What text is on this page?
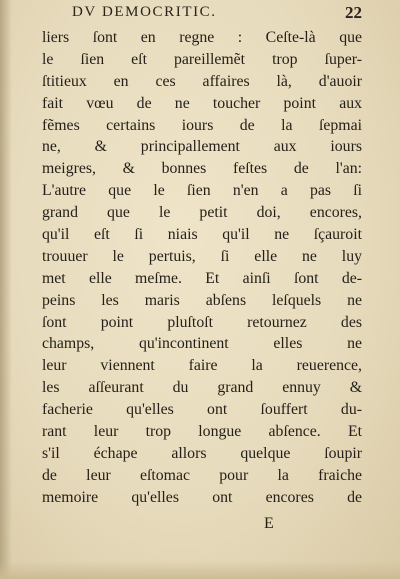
DV DEMOCRITIC.	22
liers ſont en regne : Ceſte-là que
le ſien eſt pareillemẽt trop ſuper-
ſtitieux en ces affaires là, d'auoir
fait vœu de ne toucher point aux
fẽmes certains iours de la ſepmai
ne, & principallement aux iours
meigres, & bonnes feſtes de l'an:
L'autre que le ſien n'en a pas ſi
grand que le petit doi, encores,
qu'il eſt ſi niais qu'il ne ſçauroit
trouuer le pertuis, ſi elle ne luy
met elle meſme. Et ainſi ſont de-
peins les maris abſens leſquels ne
ſont point pluſtoſt retournez des
champs, qu'incontinent elles ne
leur viennent faire la reuerence,
les aſſeurant du grand ennuy &
facherie qu'elles ont ſouffert du-
rant leur trop longue abſence. Et
s'il échape allors quelque ſoupir
de leur eſtomac pour la fraiche
memoire qu'elles ont encores de
E
